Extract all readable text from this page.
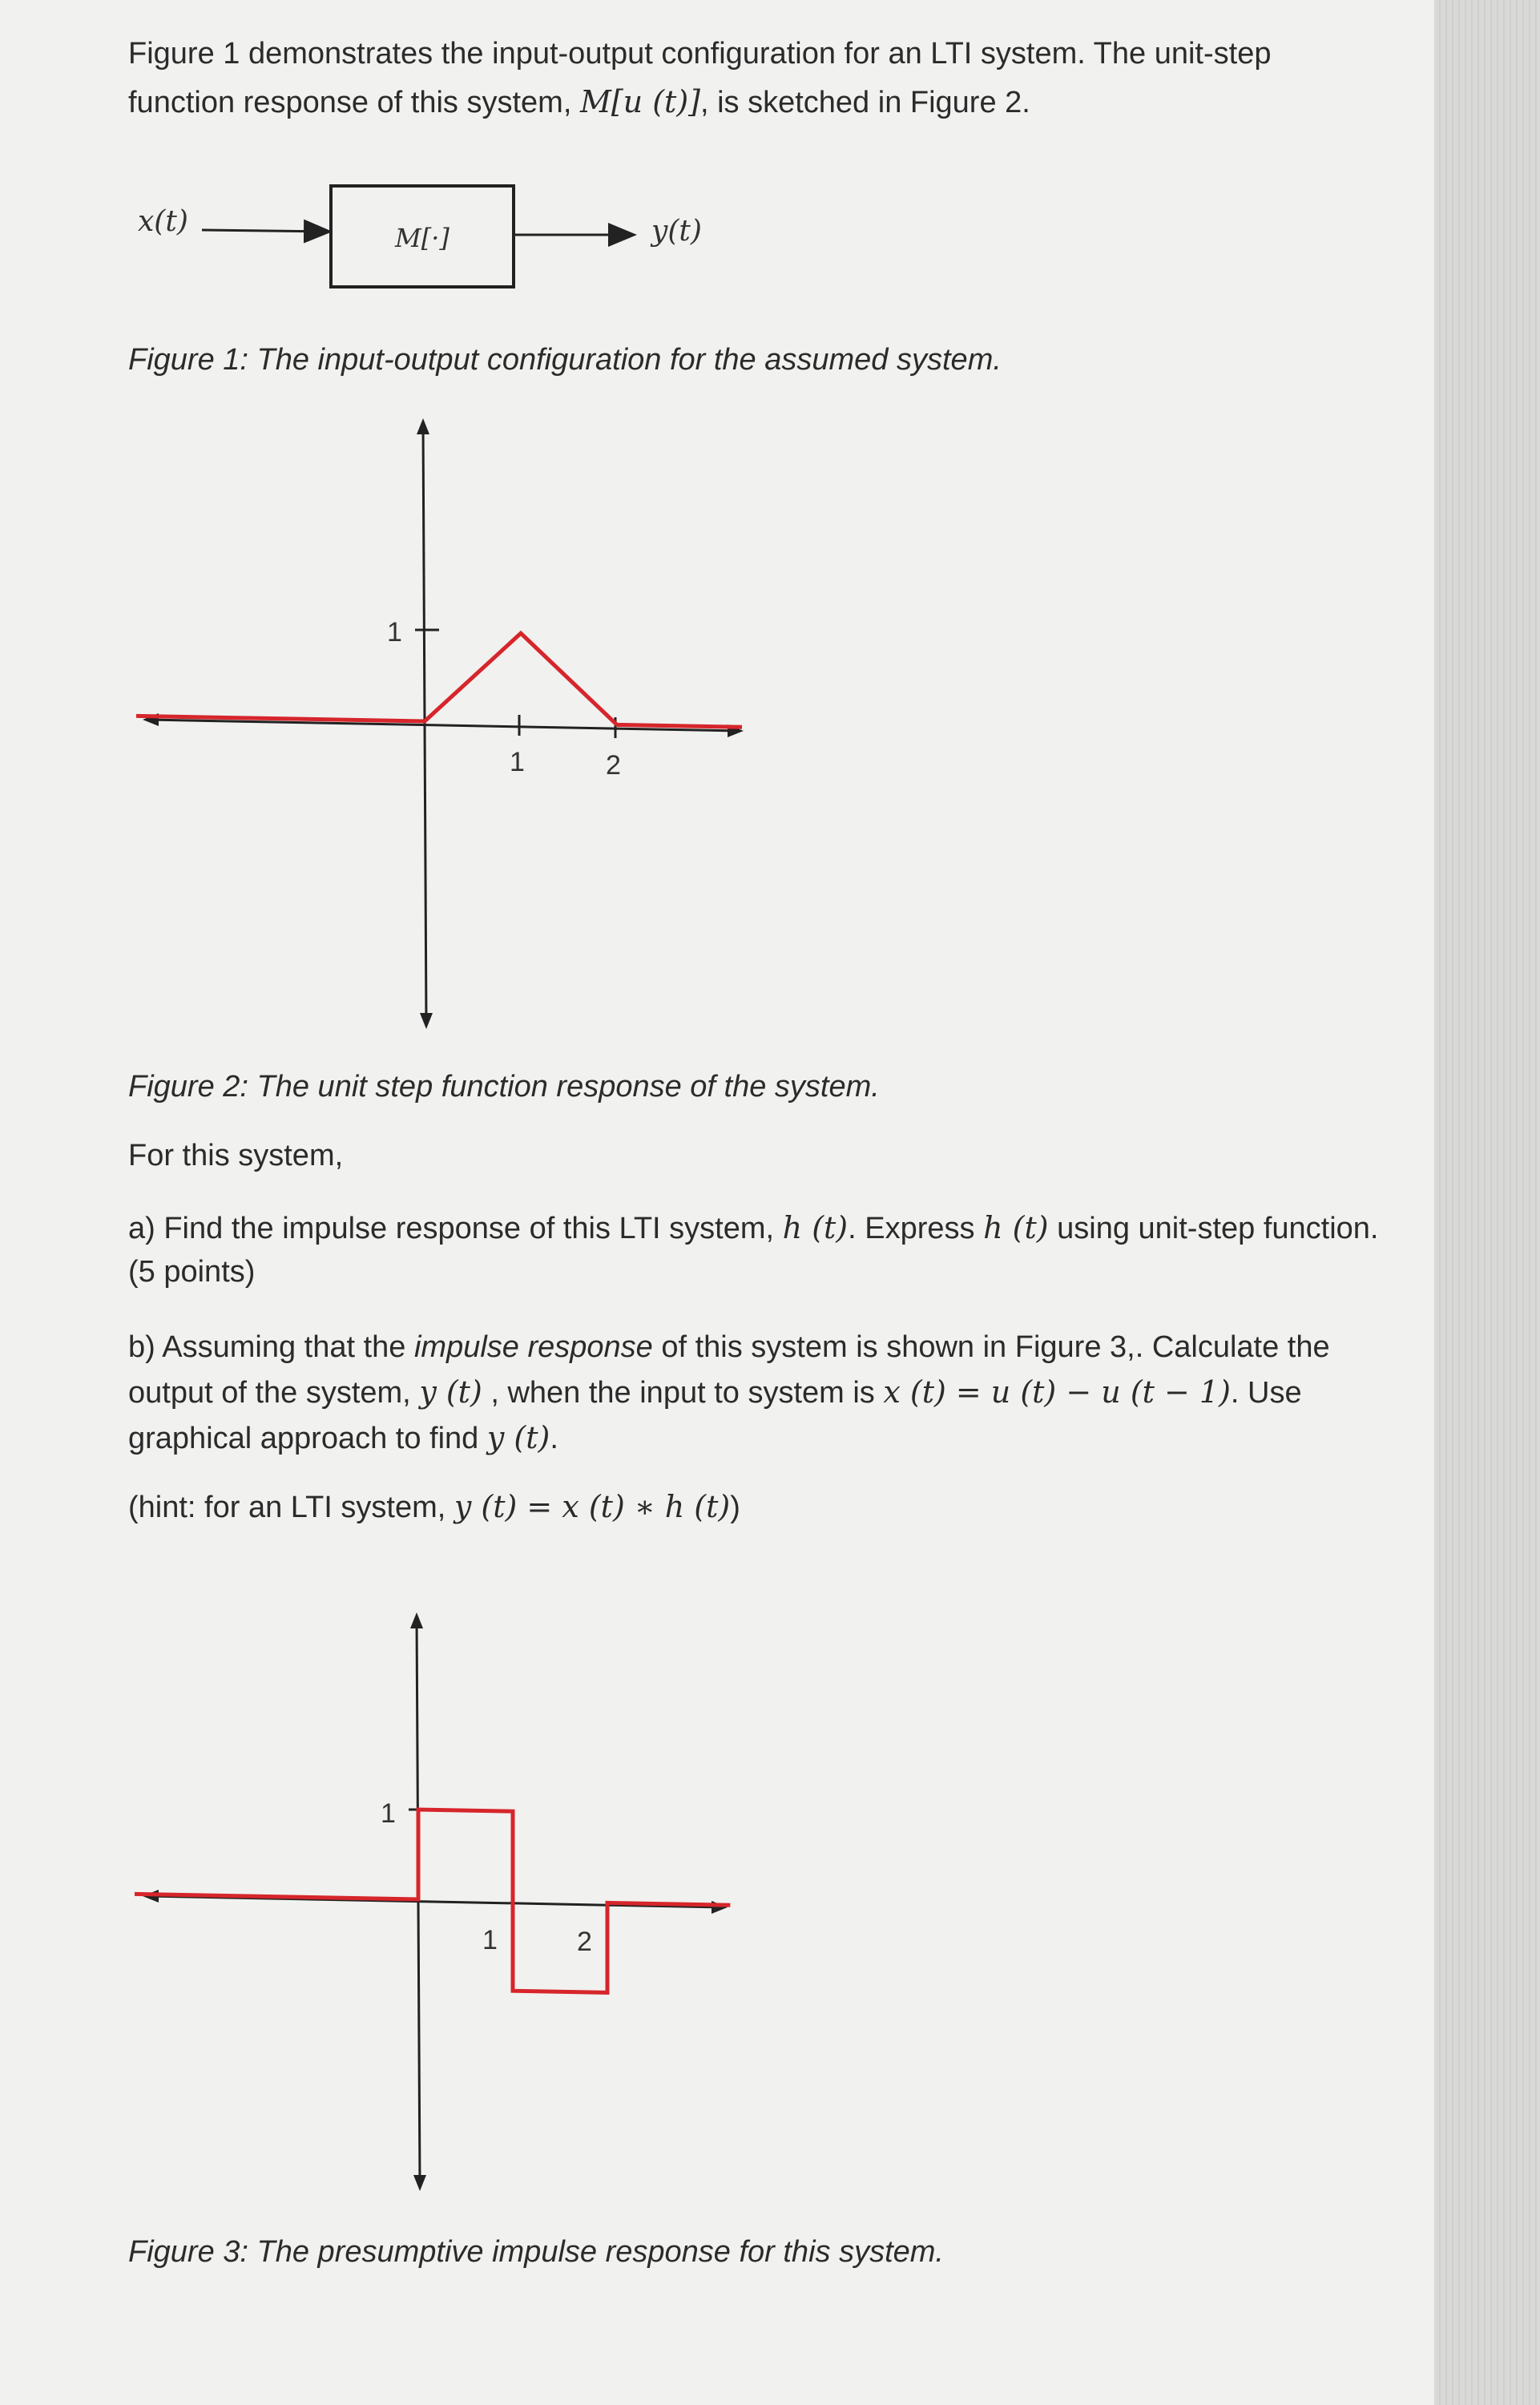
Figure 1 demonstrates the input-output configuration for an LTI system. The unit-step
function response of this system, M[u (t)], is sketched in Figure 2.
x(t)	M[·]	y(t)
Figure 1: The input-output configuration for the assumed system.
1
1	2
Figure 2: The unit step function response of the system.
For this system,
a) Find the impulse response of this LTI system, h (t). Express h (t) using unit-step function.
(5 points)
b) Assuming that the impulse response of this system is shown in Figure 3,. Calculate the
output of the system, y (t) , when the input to system is x (t) = u (t) − u (t − 1). Use
graphical approach to find y (t).
(hint: for an LTI system, y (t) = x (t) ∗ h (t))
1
1	2
Figure 3: The presumptive impulse response for this system.
